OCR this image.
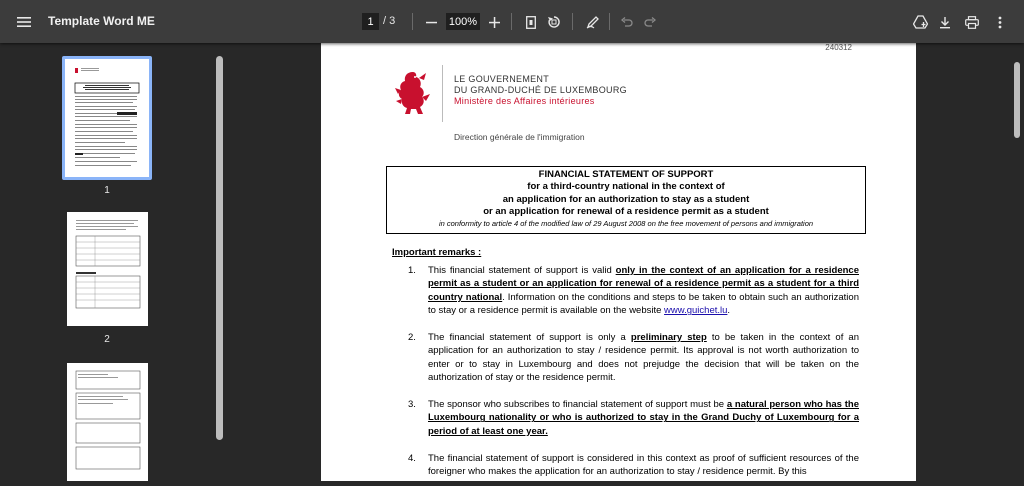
Template Word ME	1 / 3	100%
1
2
240312
LE GOUVERNEMENT
DU GRAND-DUCHÉ DE LUXEMBOURG
Ministère des Affaires intérieures
Direction générale de l'immigration
FINANCIAL STATEMENT OF SUPPORT
for a third-country national in the context of
an application for an authorization to stay as a student
or an application for renewal of a residence permit as a student
in conformity to article 4 of the modified law of 29 August 2008 on the free movement of persons and immigration
Important remarks :
1. This financial statement of support is valid only in the context of an application for a residence permit as a student or an application for renewal of a residence permit as a student for a third country national. Information on the conditions and steps to be taken to obtain such an authorization to stay or a residence permit is available on the website www.guichet.lu.
2. The financial statement of support is only a preliminary step to be taken in the context of an application for an authorization to stay / residence permit. Its approval is not worth authorization to enter or to stay in Luxembourg and does not prejudge the decision that will be taken on the authorization of stay or the residence permit.
3. The sponsor who subscribes to financial statement of support must be a natural person who has the Luxembourg nationality or who is authorized to stay in the Grand Duchy of Luxembourg for a period of at least one year.
4. The financial statement of support is considered in this context as proof of sufficient resources of the foreigner who makes the application for an authorization to stay / residence permit. By this
